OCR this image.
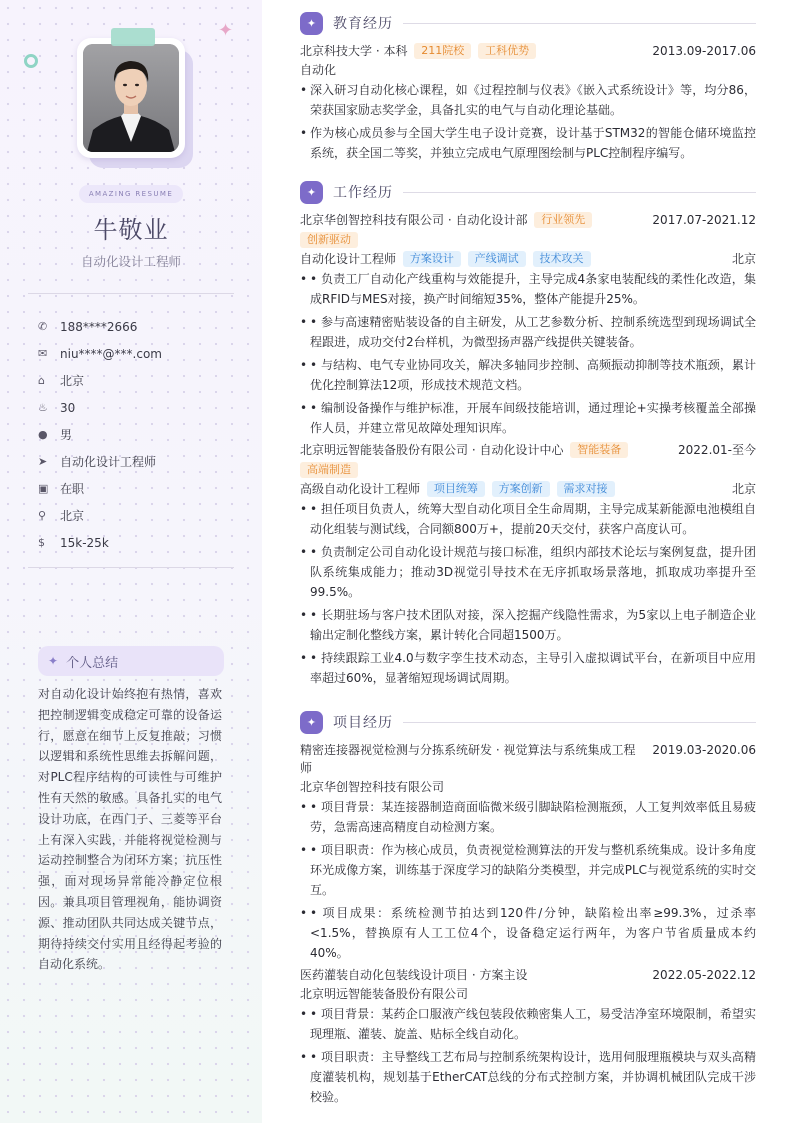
✦
AMAZING RESUME
牛敬业
自动化设计工程师
✆	188****2666
✉	niu****@***.com
⌂	北京
♨	30
●	男
➤	自动化设计工程师
▣ 在职
⚲	北京
$	15k-25k
✦ 个人总结

对自动化设计始终抱有热情，喜欢把控制逻辑变成稳定可靠的设备运行，愿意在细节上反复推敲；习惯以逻辑和系统性思维去拆解问题，对PLC程序结构的可读性与可维护性有天然的敏感。具备扎实的电气设计功底，在西门子、三菱等平台上有深入实践，并能将视觉检测与运动控制整合为闭环方案；抗压性强，面对现场异常能冷静定位根因。兼具项目管理视角，能协调资源、推动团队共同达成关键节点，期待持续交付实用且经得起考验的自动化系统。

✦	教育经历
北京科技大学 · 本科 211院校 工科优势	2013.09-2017.06
自动化
• 深入研习自动化核心课程，如《过程控制与仪表》《嵌入式系统设计》等，均分86，荣获国家励志奖学金，具备扎实的电气与自动化理论基础。
• 作为核心成员参与全国大学生电子设计竞赛，设计基于STM32的智能仓储环境监控系统，获全国二等奖，并独立完成电气原理图绘制与PLC控制程序编写。
✦	工作经历
北京华创智控科技有限公司 · 自动化设计部 行业领先
创新驱动
2017.07-2021.12
自动化设计工程师 方案设计 产线调试 技术攻关	北京
• • 负责工厂自动化产线重构与效能提升，主导完成4条家电装配线的柔性化改造，集成RFID与MES对接，换产时间缩短35%，整体产能提升25%。
• • 参与高速精密贴装设备的自主研发，从工艺参数分析、控制系统选型到现场调试全程跟进，成功交付2台样机，为微型扬声器产线提供关键装备。
• • 与结构、电气专业协同攻关，解决多轴同步控制、高频振动抑制等技术瓶颈，累计优化控制算法12项，形成技术规范文档。
• • 编制设备操作与维护标准，开展车间级技能培训，通过理论+实操考核覆盖全部操作人员，并建立常见故障处理知识库。
北京明远智能装备股份有限公司 · 自动化设计中心 智能装备
高端制造
2022.01-至今
高级自动化设计工程师 项目统筹 方案创新 需求对接	北京
• • 担任项目负责人，统筹大型自动化项目全生命周期，主导完成某新能源电池模组自动化组装与测试线，合同额800万+，提前20天交付，获客户高度认可。
• • 负责制定公司自动化设计规范与接口标准，组织内部技术论坛与案例复盘，提升团队系统集成能力；推动3D视觉引导技术在无序抓取场景落地，抓取成功率提升至99.5%。
• • 长期驻场与客户技术团队对接，深入挖掘产线隐性需求，为5家以上电子制造企业输出定制化整线方案，累计转化合同超1500万。
• • 持续跟踪工业4.0与数字孪生技术动态，主导引入虚拟调试平台，在新项目中应用率超过60%，显著缩短现场调试周期。
✦	项目经历
精密连接器视觉检测与分拣系统研发 · 视觉算法与系统集成工程师
2019.03-2020.06
北京华创智控科技有限公司
• • 项目背景：某连接器制造商面临微米级引脚缺陷检测瓶颈，人工复判效率低且易疲劳，急需高速高精度自动检测方案。
• • 项目职责：作为核心成员，负责视觉检测算法的开发与整机系统集成。设计多角度环光成像方案，训练基于深度学习的缺陷分类模型，并完成PLC与视觉系统的实时交互。
• • 项目成果：系统检测节拍达到120件/分钟，缺陷检出率≥99.3%，过杀率<1.5%，替换原有人工工位4个，设备稳定运行两年，为客户节省质量成本约40%。
医药灌装自动化包装线设计项目 · 方案主设	2022.05-2022.12
北京明远智能装备股份有限公司
• • 项目背景：某药企口服液产线包装段依赖密集人工，易受洁净室环境限制，希望实现理瓶、灌装、旋盖、贴标全线自动化。
• • 项目职责：主导整线工艺布局与控制系统架构设计，选用伺服理瓶模块与双头高精度灌装机构，规划基于EtherCAT总线的分布式控制方案，并协调机械团队完成干涉校验。
